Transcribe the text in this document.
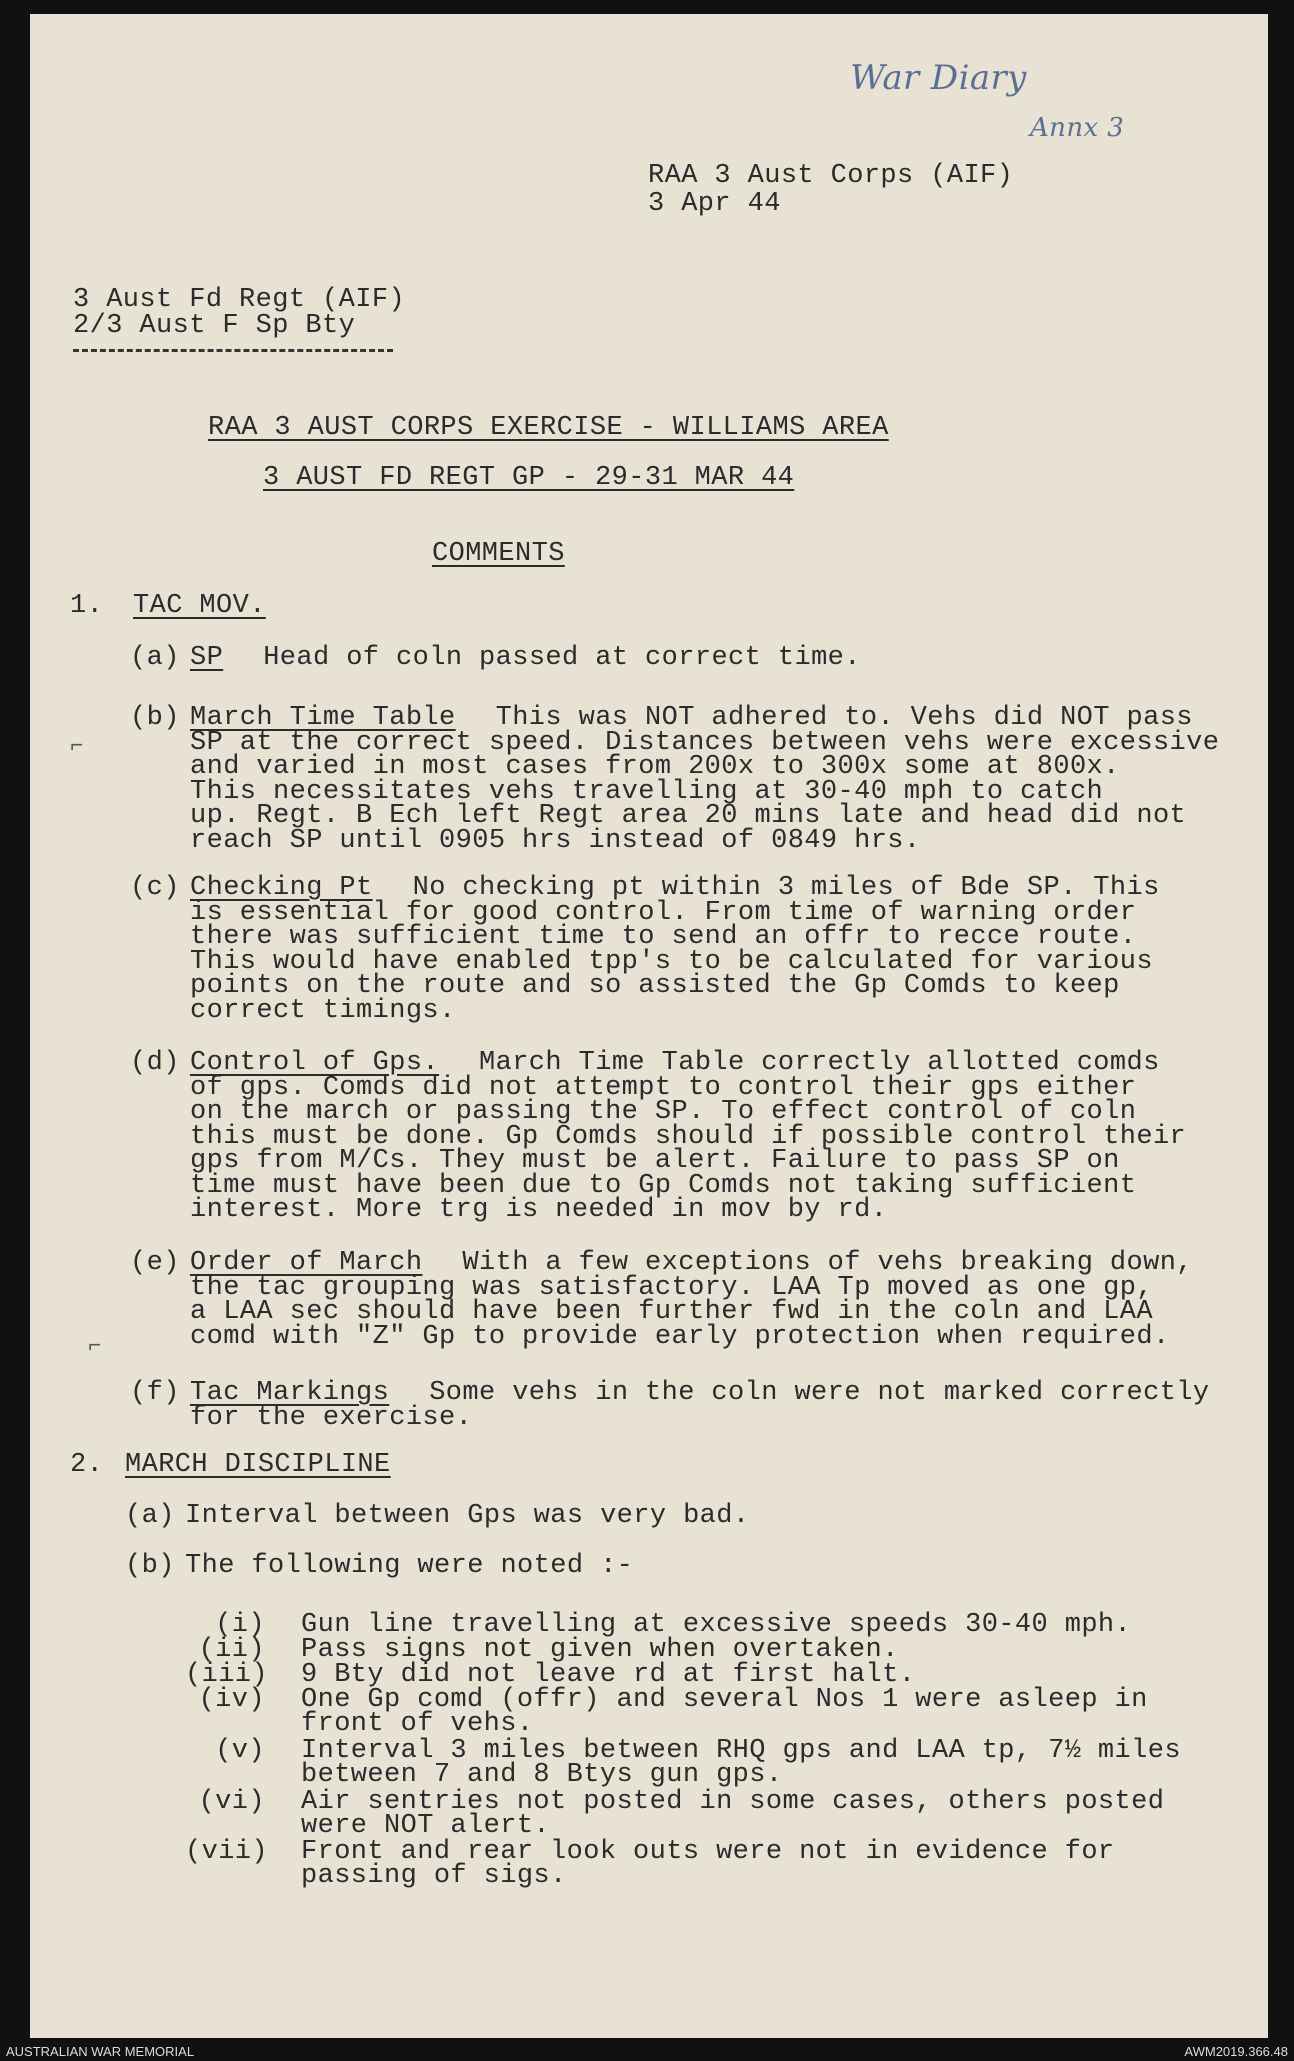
War Diary
Annx 3
RAA 3 Aust Corps (AIF)
3 Apr 44
3 Aust Fd Regt (AIF)
2/3 Aust F Sp Bty
RAA 3 AUST CORPS EXERCISE - WILLIAMS AREA
3 AUST FD REGT GP - 29-31 MAR 44
COMMENTS
1. TAC MOV.
(a) SP Head of coln passed at correct time.
(b) March Time Table This was NOT adhered to. Vehs did NOT pass
SP at the correct speed. Distances between vehs were excessive
and varied in most cases from 200x to 300x some at 800x.
This necessitates vehs travelling at 30-40 mph to catch
up. Regt. B Ech left Regt area 20 mins late and head did not
reach SP until 0905 hrs instead of 0849 hrs.
(c) Checking Pt No checking pt within 3 miles of Bde SP. This
is essential for good control. From time of warning order
there was sufficient time to send an offr to recce route.
This would have enabled tpp's to be calculated for various
points on the route and so assisted the Gp Comds to keep
correct timings.
(d) Control of Gps. March Time Table correctly allotted comds
of gps. Comds did not attempt to control their gps either
on the march or passing the SP. To effect control of coln
this must be done. Gp Comds should if possible control their
gps from M/Cs. They must be alert. Failure to pass SP on
time must have been due to Gp Comds not taking sufficient
interest. More trg is needed in mov by rd.
(e) Order of March With a few exceptions of vehs breaking down,
the tac grouping was satisfactory. LAA Tp moved as one gp,
a LAA sec should have been further fwd in the coln and LAA
comd with "Z" Gp to provide early protection when required.
(f) Tac Markings Some vehs in the coln were not marked correctly
for the exercise.
2. MARCH DISCIPLINE
(a) Interval between Gps was very bad.
(b) The following were noted :-
(i) Gun line travelling at excessive speeds 30-40 mph.
(ii) Pass signs not given when overtaken.
(iii) 9 Bty did not leave rd at first halt.
(iv) One Gp comd (offr) and several Nos 1 were asleep in
front of vehs.
(v) Interval 3 miles between RHQ gps and LAA tp, 7½ miles
between 7 and 8 Btys gun gps.
(vi) Air sentries not posted in some cases, others posted
were NOT alert.
(vii) Front and rear look outs were not in evidence for
passing of sigs.
⌐
⌐
AUSTRALIAN WAR MEMORIAL	AWM2019.366.48
